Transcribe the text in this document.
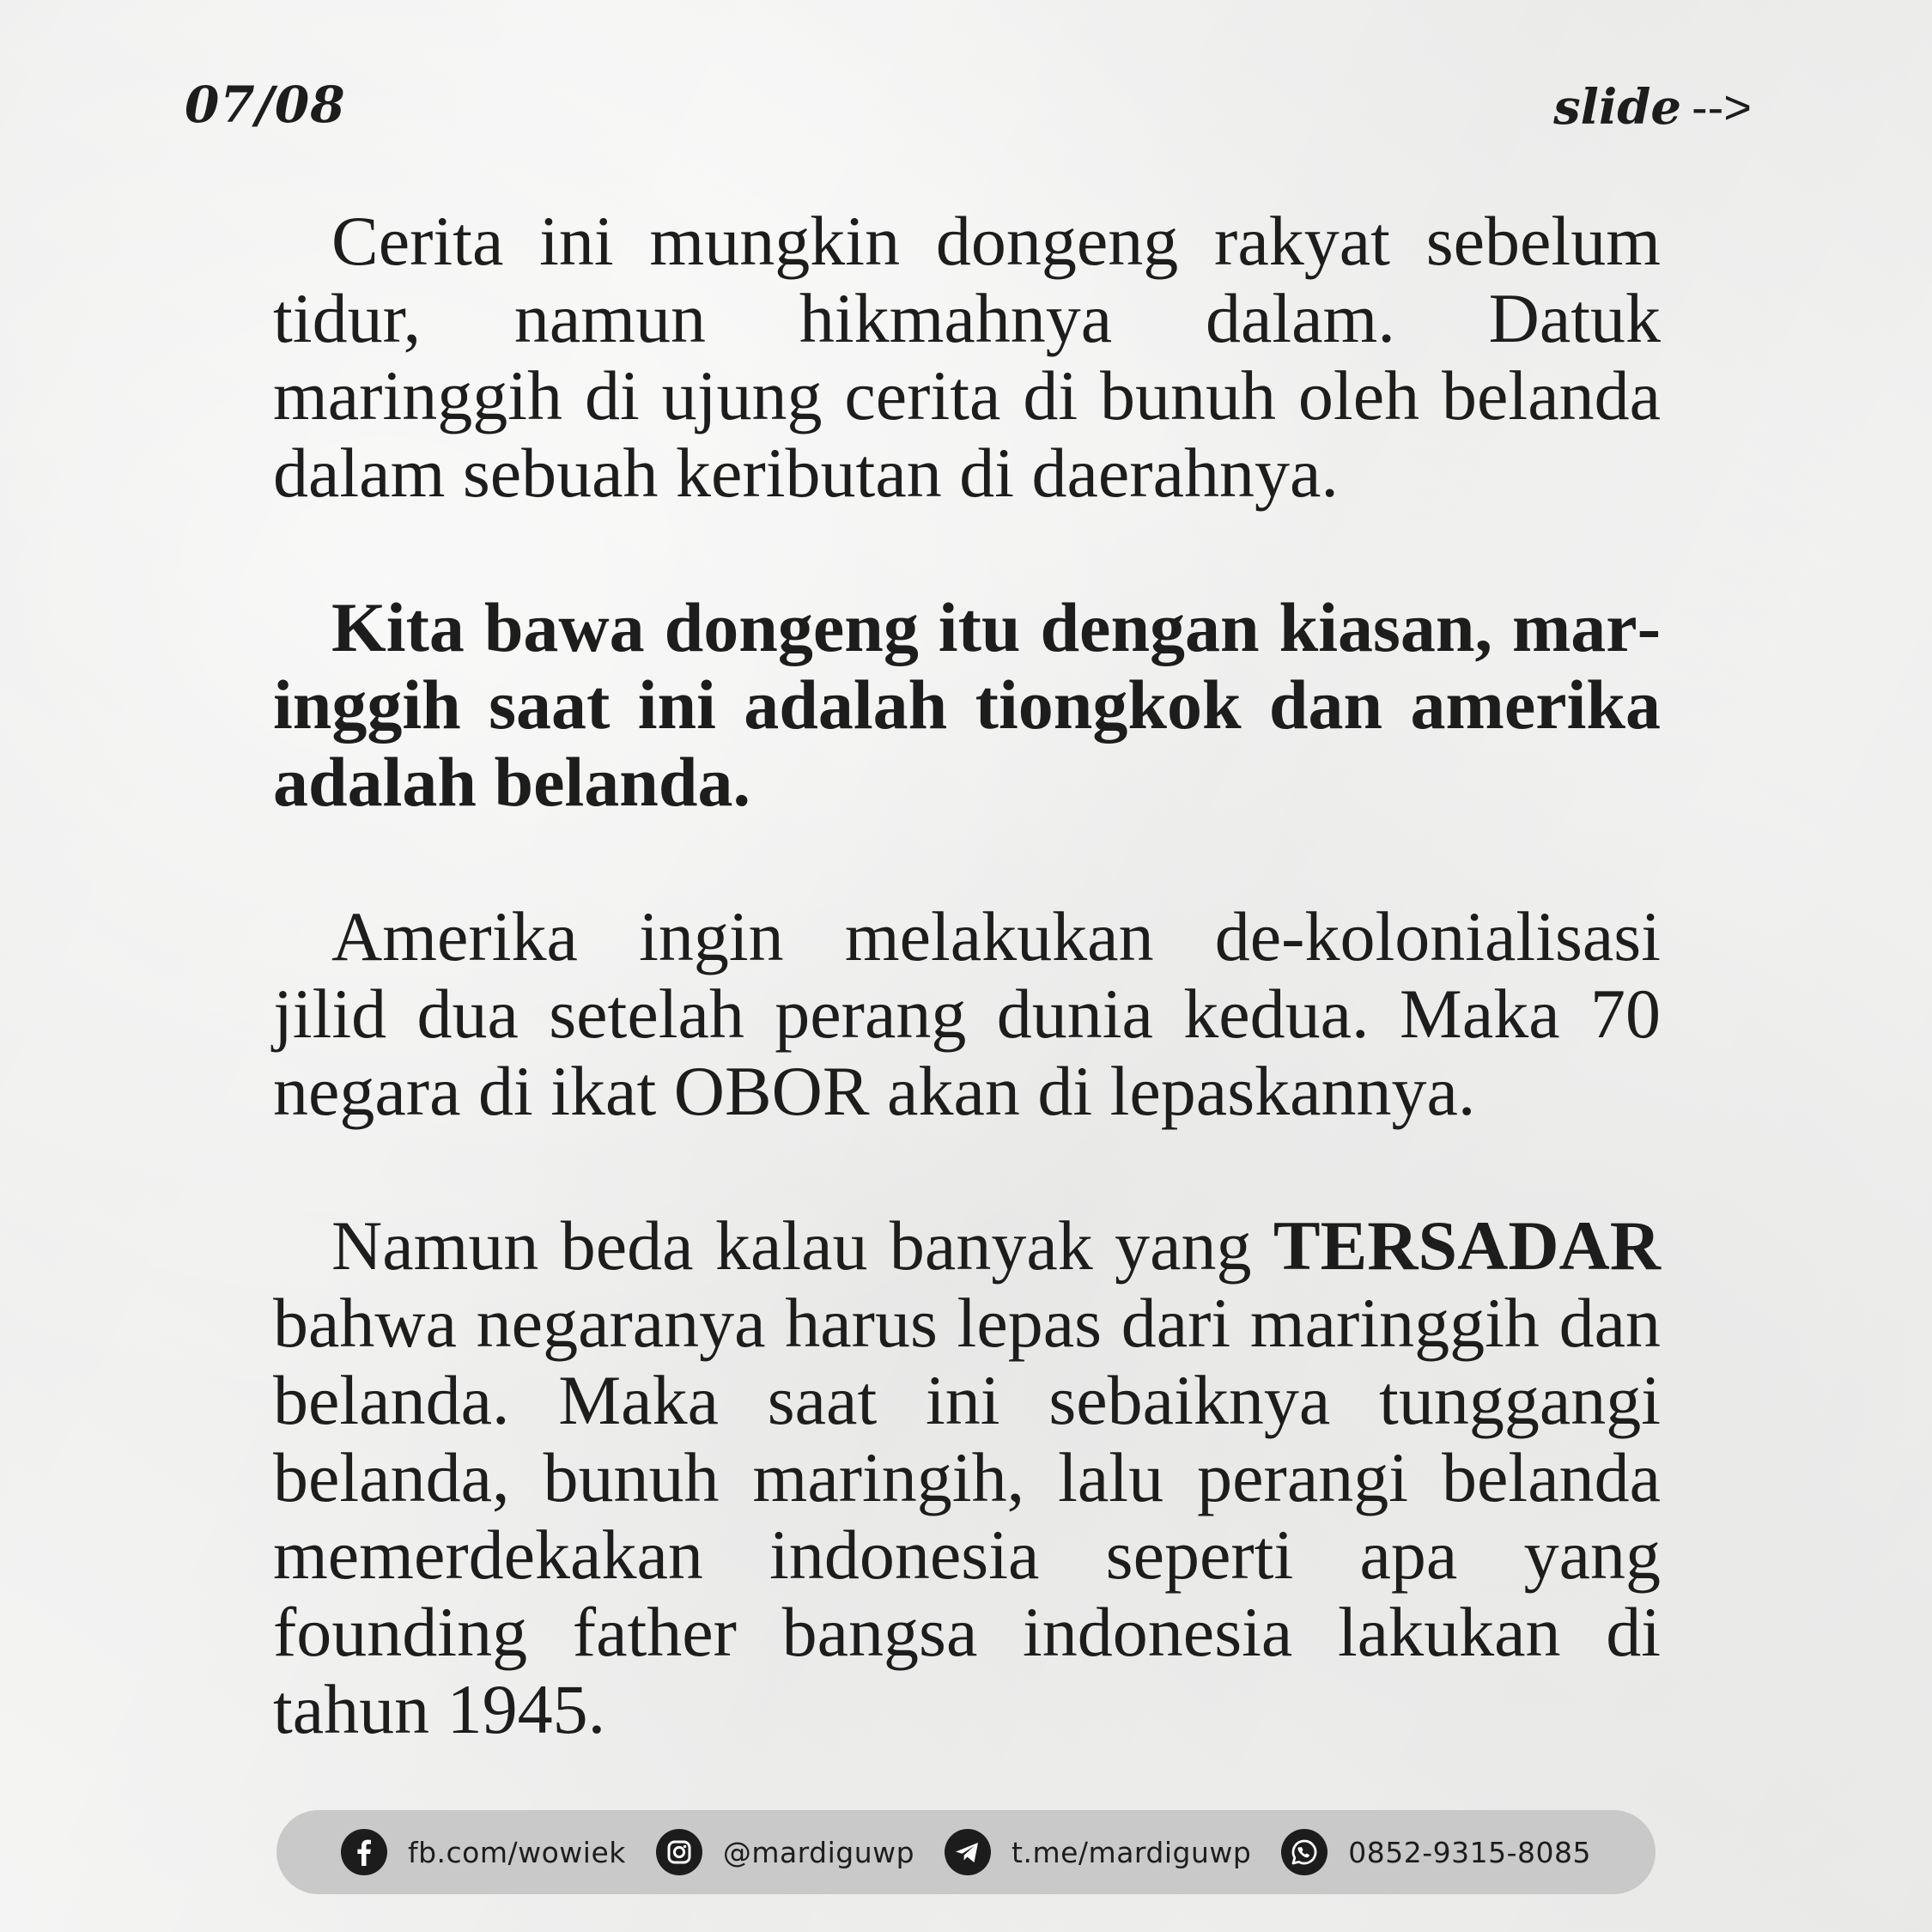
07/08	slide -->

Cerita ini mungkin dongeng rakyat sebelum tidur, namun hikmahnya dalam. Datuk maringgih di ujung cerita di bunuh oleh belanda dalam sebuah keributan di daerahnya.

Kita bawa dongeng itu dengan kiasan, maringgih saat ini adalah tiongkok dan amerika adalah belanda.

Amerika ingin melakukan de-kolonialisasi jilid dua setelah perang dunia kedua. Maka 70 negara di ikat OBOR akan di lepaskannya.

Namun beda kalau banyak yang TERSADAR bahwa negaranya harus lepas dari maringgih dan belanda. Maka saat ini sebaiknya tunggangi belanda, bunuh maringih, lalu perangi belanda memerdekakan indonesia seperti apa yang founding father bangsa indonesia lakukan di tahun 1945.

fb.com/wowiek	@mardiguwp	t.me/mardiguwp	0852-9315-8085
